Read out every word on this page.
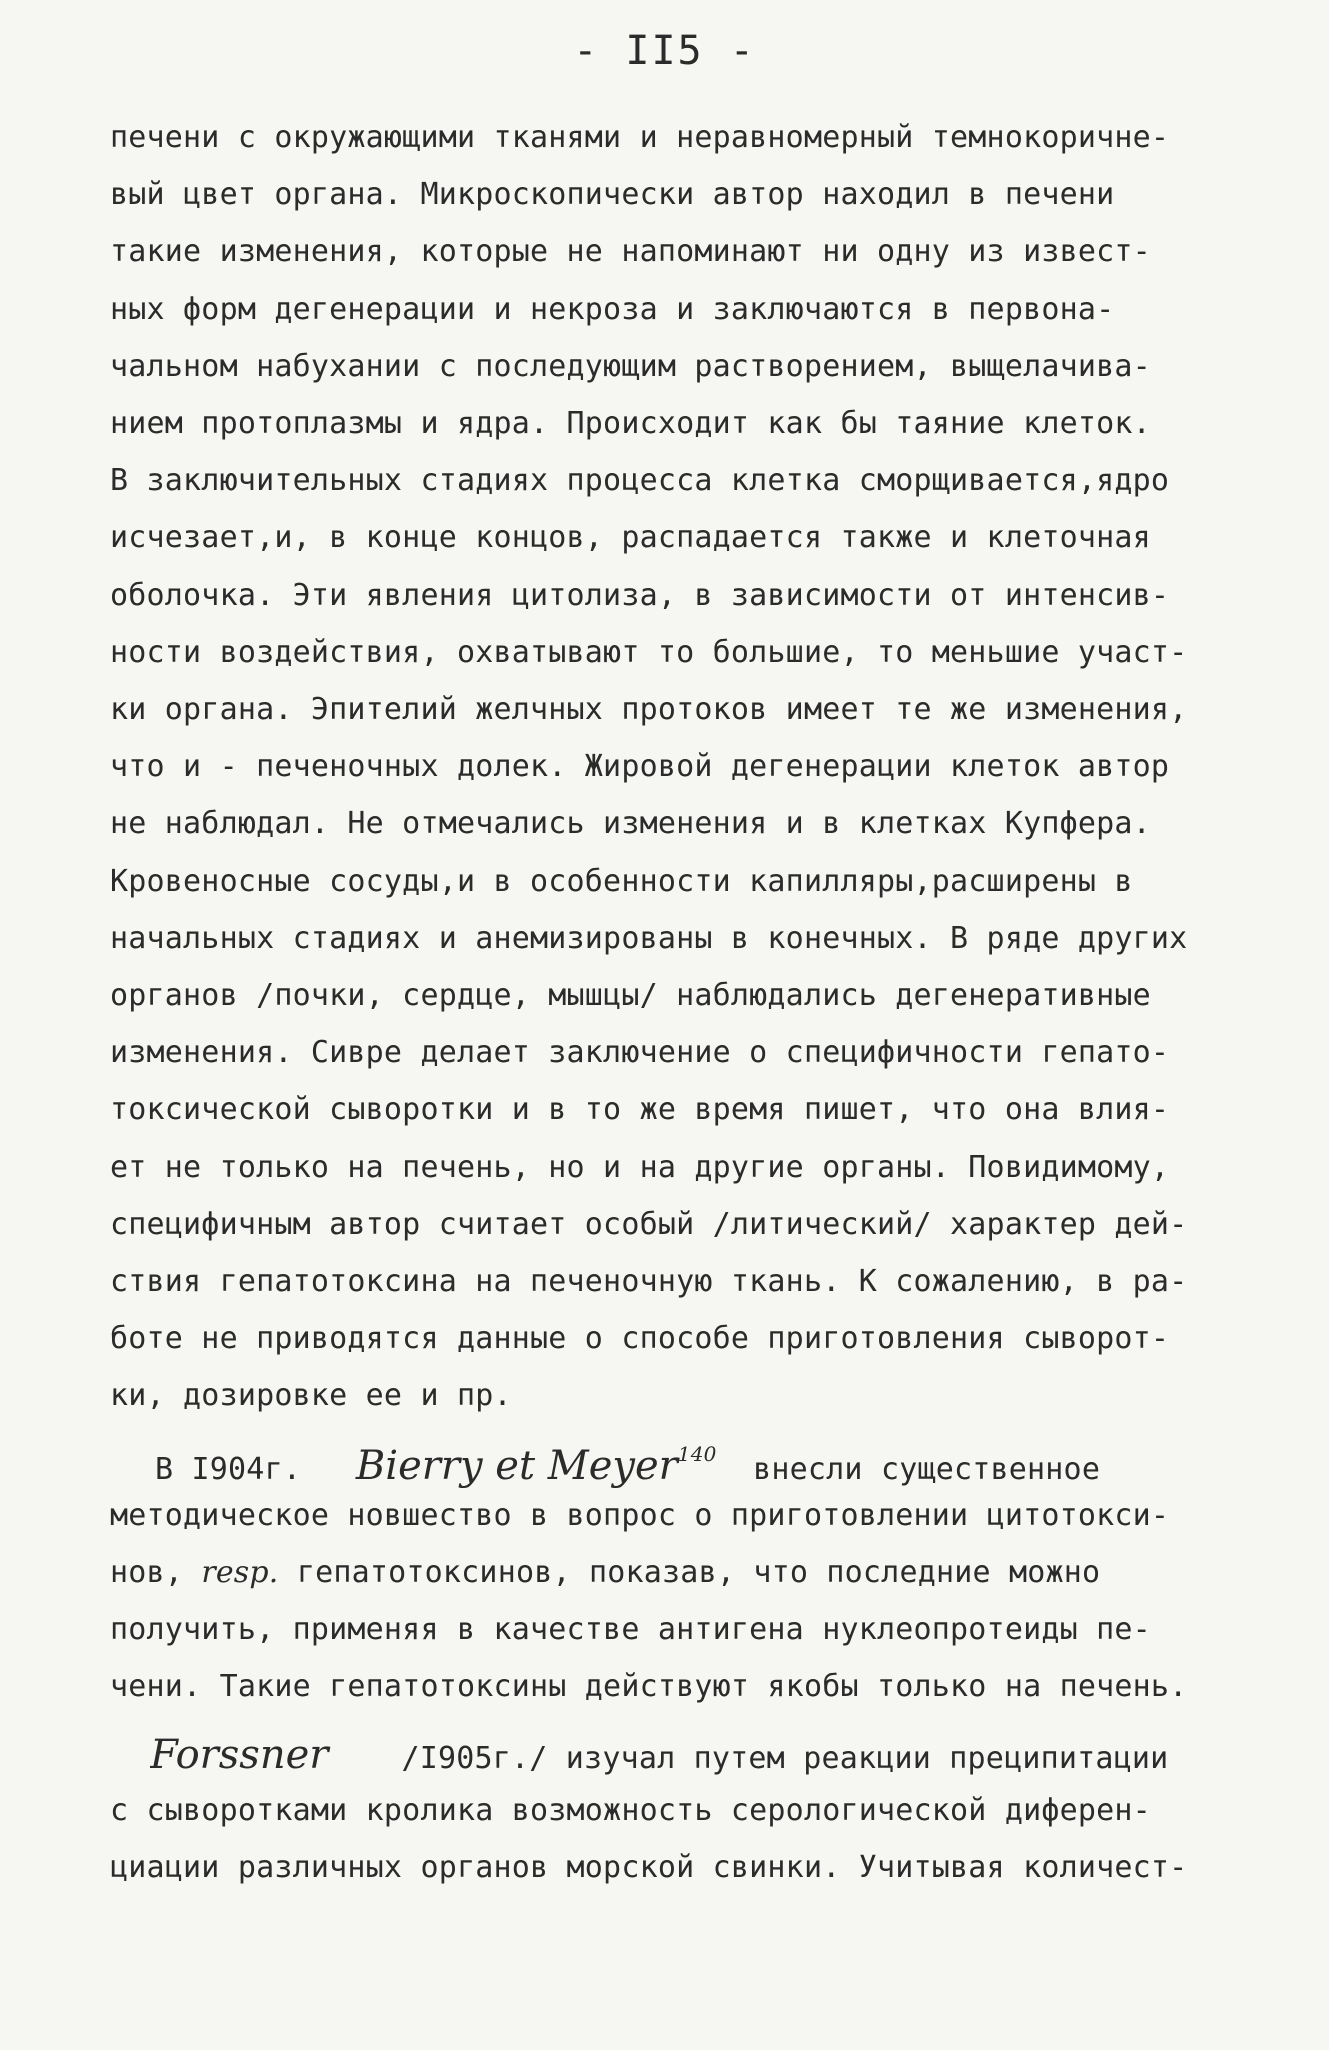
- II5 -
печени с окружающими тканями и неравномерный темнокоричне-
вый цвет органа. Микроскопически автор находил в печени
такие изменения, которые не напоминают ни одну из извест-
ных форм дегенерации и некроза и заключаются в первона-
чальном набухании с последующим растворением, выщелачива-
нием протоплазмы и ядра. Происходит как бы таяние клеток.
В заключительных стадиях процесса клетка сморщивается,ядро
исчезает,и, в конце концов, распадается также и клеточная
оболочка. Эти явления цитолиза, в зависимости от интенсив-
ности воздействия, охватывают то большие, то меньшие участ-
ки органа. Эпителий желчных протоков имеет те же изменения,
что и - печеночных долек. Жировой дегенерации клеток автор
не наблюдал. Не отмечались изменения и в клетках Купфера.
Кровеносные сосуды,и в особенности капилляры,расширены в
начальных стадиях и анемизированы в конечных. В ряде других
органов /почки, сердце, мышцы/ наблюдались дегенеративные
изменения. Сивре делает заключение о специфичности гепато-
токсической сыворотки и в то же время пишет, что она влия-
ет не только на печень, но и на другие органы. Повидимому,
специфичным автор считает особый /литический/ характер дей-
ствия гепатотоксина на печеночную ткань. К сожалению, в ра-
боте не приводятся данные о способе приготовления сыворот-
ки, дозировке ее и пр.
В I904г. Bierry et Meyer$^{140}$ внесли существенное
методическое новшество в вопрос о приготовлении цитотокси-
нов, resp. гепатотоксинов, показав, что последние можно
получить, применяя в качестве антигена нуклеопротеиды пе-
чени. Такие гепатотоксины действуют якобы только на печень.
Forssner /I905г./ изучал путем реакции преципитации
с сыворотками кролика возможность серологической диферен-
циации различных органов морской свинки. Учитывая количест-
